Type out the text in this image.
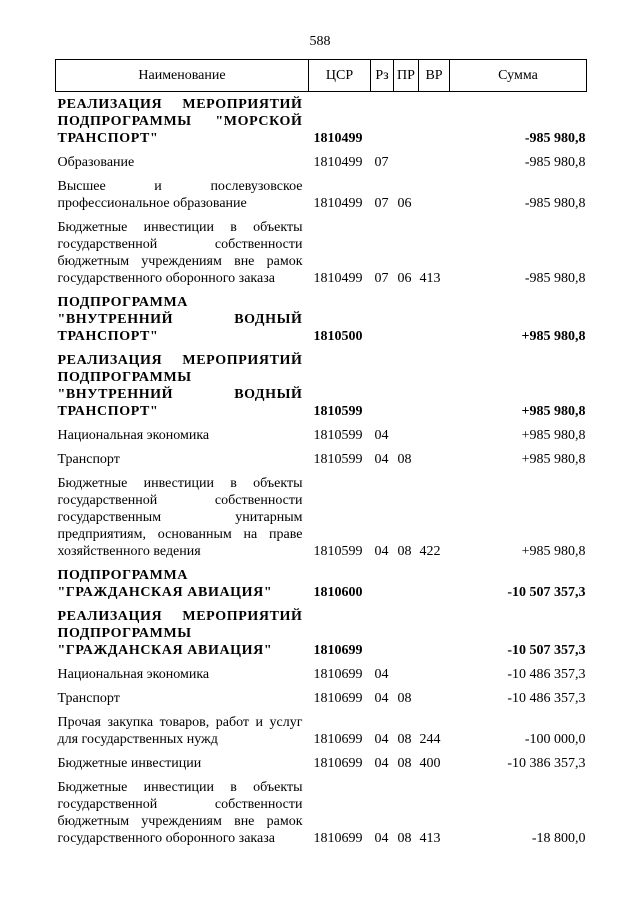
588
Наименование	ЦСР	Рз	ПР	ВР	Сумма

РЕАЛИЗАЦИЯ МЕРОПРИЯТИЙ ПОДПРОГРАММЫ "МОРСКОЙ ТРАНСПОРТ"	1810499				-985 980,8

Образование	1810499	07			-985 980,8

Высшее и послевузовское профессиональное образование	1810499	07	06		-985 980,8

Бюджетные инвестиции в объекты государственной собственности бюджетным учреждениям вне рамок государственного оборонного заказа	1810499	07	06	413	-985 980,8

ПОДПРОГРАММА "ВНУТРЕННИЙ ВОДНЫЙ ТРАНСПОРТ"	1810500				+985 980,8

РЕАЛИЗАЦИЯ МЕРОПРИЯТИЙ ПОДПРОГРАММЫ "ВНУТРЕННИЙ ВОДНЫЙ ТРАНСПОРТ"	1810599				+985 980,8

Национальная экономика	1810599	04			+985 980,8

Транспорт	1810599	04	08		+985 980,8

Бюджетные инвестиции в объекты государственной собственности государственным унитарным предприятиям, основанным на праве хозяйственного ведения	1810599	04	08	422	+985 980,8

ПОДПРОГРАММА "ГРАЖДАНСКАЯ АВИАЦИЯ"	1810600				-10 507 357,3

РЕАЛИЗАЦИЯ МЕРОПРИЯТИЙ ПОДПРОГРАММЫ "ГРАЖДАНСКАЯ АВИАЦИЯ"	1810699				-10 507 357,3

Национальная экономика	1810699	04			-10 486 357,3

Транспорт	1810699	04	08		-10 486 357,3

Прочая закупка товаров, работ и услуг для государственных нужд	1810699	04	08	244	-100 000,0

Бюджетные инвестиции	1810699	04	08	400	-10 386 357,3

Бюджетные инвестиции в объекты государственной собственности бюджетным учреждениям вне рамок государственного оборонного заказа	1810699	04	08	413	-18 800,0
